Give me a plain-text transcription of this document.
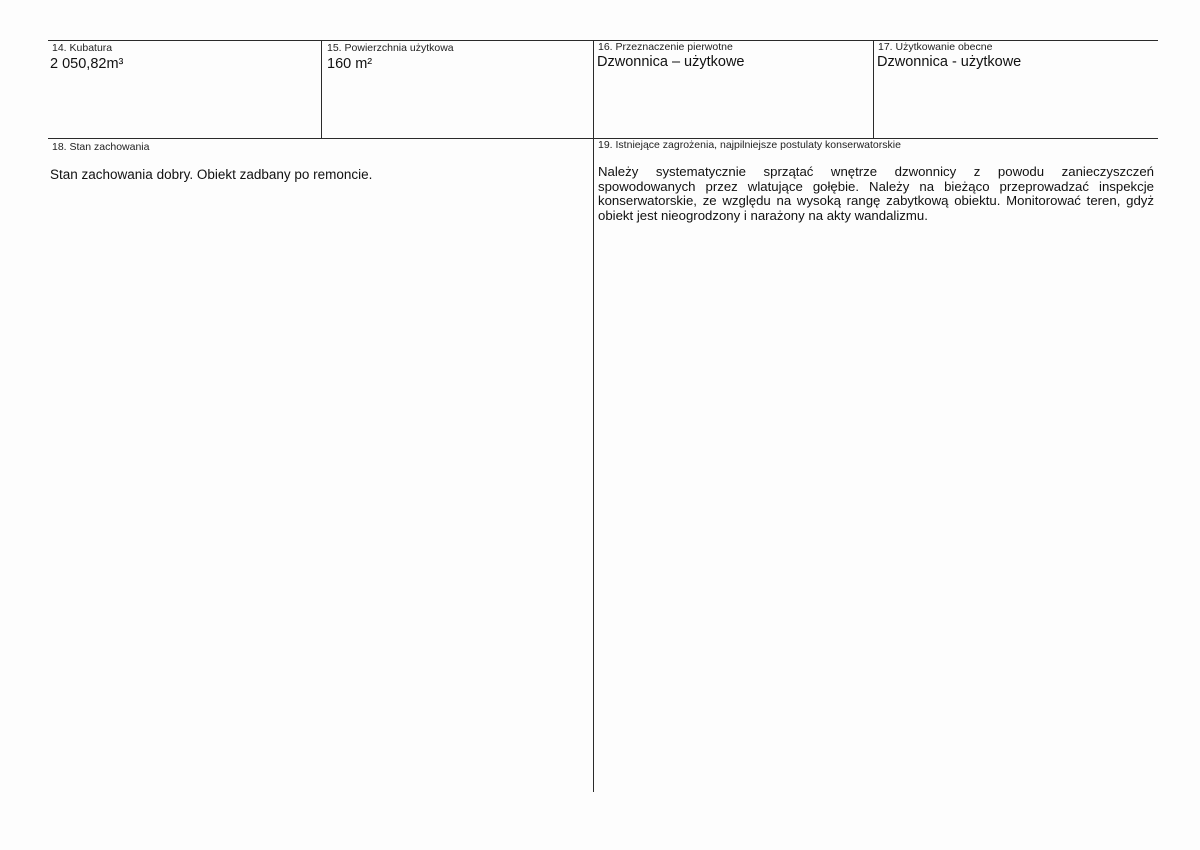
14. Kubatura
2 050,82m³
15. Powierzchnia użytkowa
160 m²
16. Przeznaczenie pierwotne
Dzwonnica – użytkowe
17. Użytkowanie obecne
Dzwonnica - użytkowe
18. Stan zachowania
Stan zachowania dobry. Obiekt zadbany po remoncie.
19. Istniejące zagrożenia, najpilniejsze postulaty konserwatorskie
Należy systematycznie sprzątać wnętrze dzwonnicy z powodu zanieczyszczeń spowodowanych przez wlatujące gołębie. Należy na bieżąco przeprowadzać inspekcje konserwatorskie, ze względu na wysoką rangę zabytkową obiektu. Monitorować teren, gdyż obiekt jest nieogrodzony i narażony na akty wandalizmu.
